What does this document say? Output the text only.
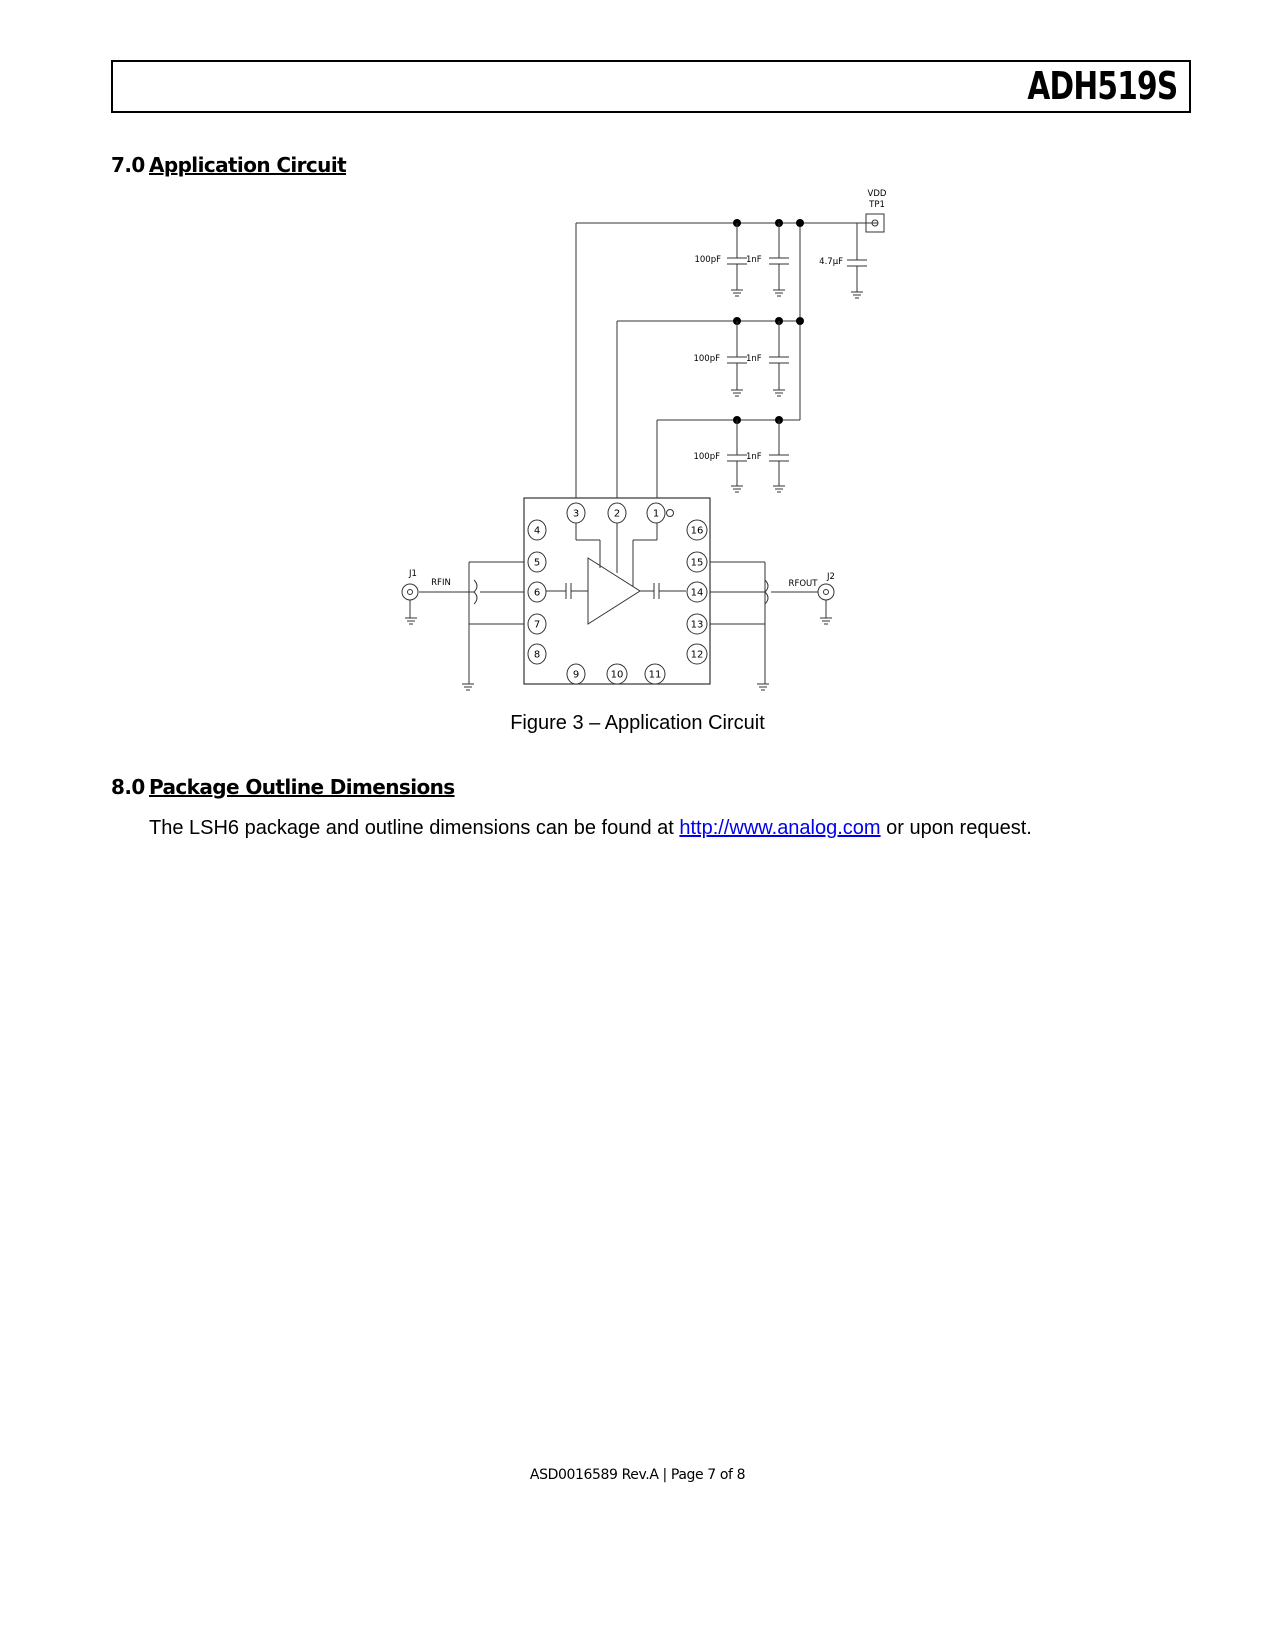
ADH519S
7.0 Application Circuit
1
2
3
4
5
6
7
8
9	10	11
12
13
14
15
16
VDD
TP1
100pF	1nF
100pF	1nF
100pF	1nF
4.7µF
J1
RFIN
J2
RFOUT
Figure 3 – Application Circuit
8.0 Package Outline Dimensions
The LSH6 package and outline dimensions can be found at http://www.analog.com or upon request.
ASD0016589 Rev.A | Page 7 of 8
